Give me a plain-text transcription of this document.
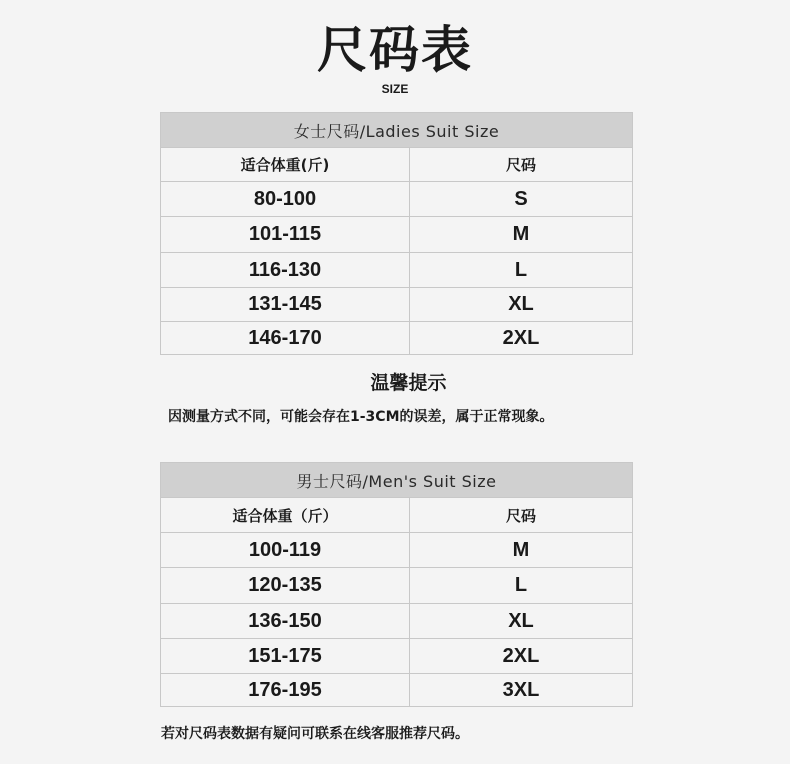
尺码表
SIZE
女士尺码/Ladies Suit Size	
适合体重(斤)	尺码
80-100	S
101-115	M
116-130	L
131-145	XL
146-170	2XL
温馨提示
因测量方式不同，可能会存在1-3CM的误差，属于正常现象。
男士尺码/Men's Suit Size	
适合体重（斤）	尺码
100-119	M
120-135	L
136-150	XL
151-175	2XL
176-195	3XL
若对尺码表数据有疑问可联系在线客服推荐尺码。
